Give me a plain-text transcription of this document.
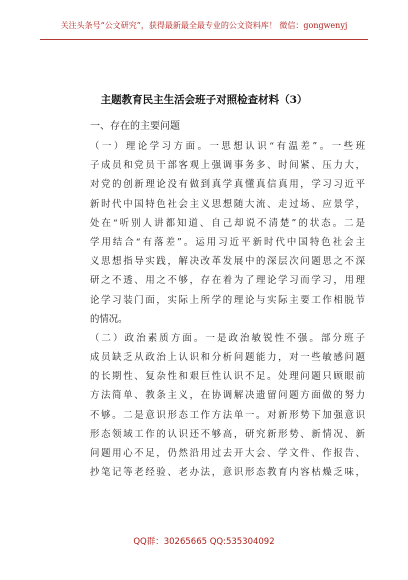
关注头条号“公文研究”，获得最新最全最专业的公文资料库！ 微信：gongwenyj
主题教育民主生活会班子对照检查材料（3）
一、存在的主要问题
（一）理论学习方面。一思想认识“有温差”。一些班
子成员和党员干部客观上强调事务多、时间紧、压力大，
对党的创新理论没有做到真学真懂真信真用，学习习近平
新时代中国特色社会主义思想随大流、走过场、应景学，
处在“听别人讲都知道、自己却说不清楚”的状态。二是
学用结合“有落差”。运用习近平新时代中国特色社会主
义思想指导实践，解决改革发展中的深层次问题思之不深
研之不透、用之不够，存在着为了理论学习而学习，用理
论学习装门面，实际上所学的理论与实际主要工作相脱节
的情况。
（二）政治素质方面。一是政治敏锐性不强。部分班子
成员缺乏从政治上认识和分析问题能力，对一些敏感问题
的长期性、复杂性和艰巨性认识不足。处理问题只顾眼前
方法简单、教条主义，在协调解决遗留问题方面做的努力
不够。二是意识形态工作方法单一。对新形势下加强意识
形态领域工作的认识还不够高，研究新形势、新情况、新
问题用心不足，仍然沿用过去开大会、学文件、作报告、
抄笔记等老经验、老办法，意识形态教育内容枯燥乏味，
QQ群：30265665 QQ:535304092
